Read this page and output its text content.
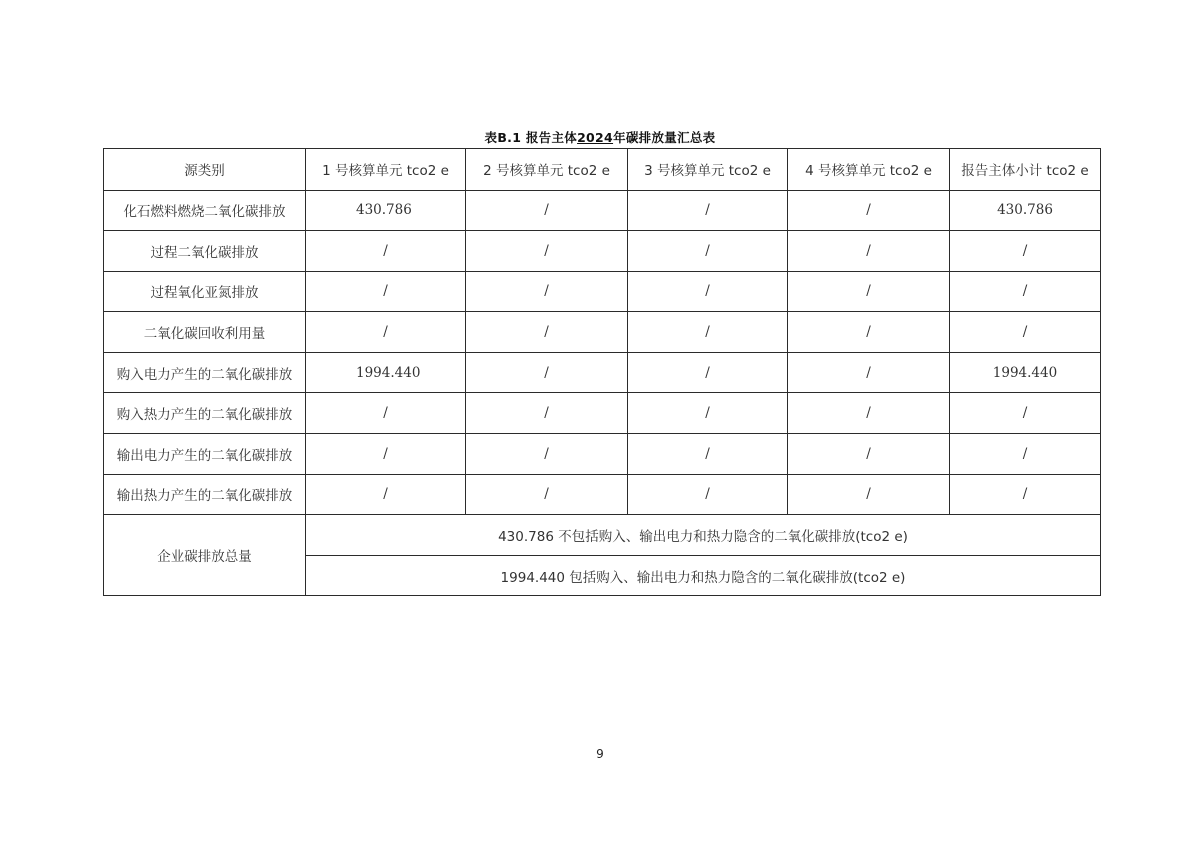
表B.1 报告主体2024年碳排放量汇总表
源类别	1 号核算单元 tco2 e	2 号核算单元 tco2 e	3 号核算单元 tco2 e	4 号核算单元 tco2 e	报告主体小计 tco2 e
化石燃料燃烧二氧化碳排放	430.786	/	/	/	430.786
过程二氧化碳排放	/	/	/	/	/
过程氧化亚氮排放	/	/	/	/	/
二氧化碳回收利用量	/	/	/	/	/
购入电力产生的二氧化碳排放	1994.440	/	/	/	1994.440
购入热力产生的二氧化碳排放	/	/	/	/	/
输出电力产生的二氧化碳排放	/	/	/	/	/
输出热力产生的二氧化碳排放	/	/	/	/	/
企业碳排放总量	430.786 不包括购入、输出电力和热力隐含的二氧化碳排放(tco2 e)				
	1994.440 包括购入、输出电力和热力隐含的二氧化碳排放(tco2 e)				
9
